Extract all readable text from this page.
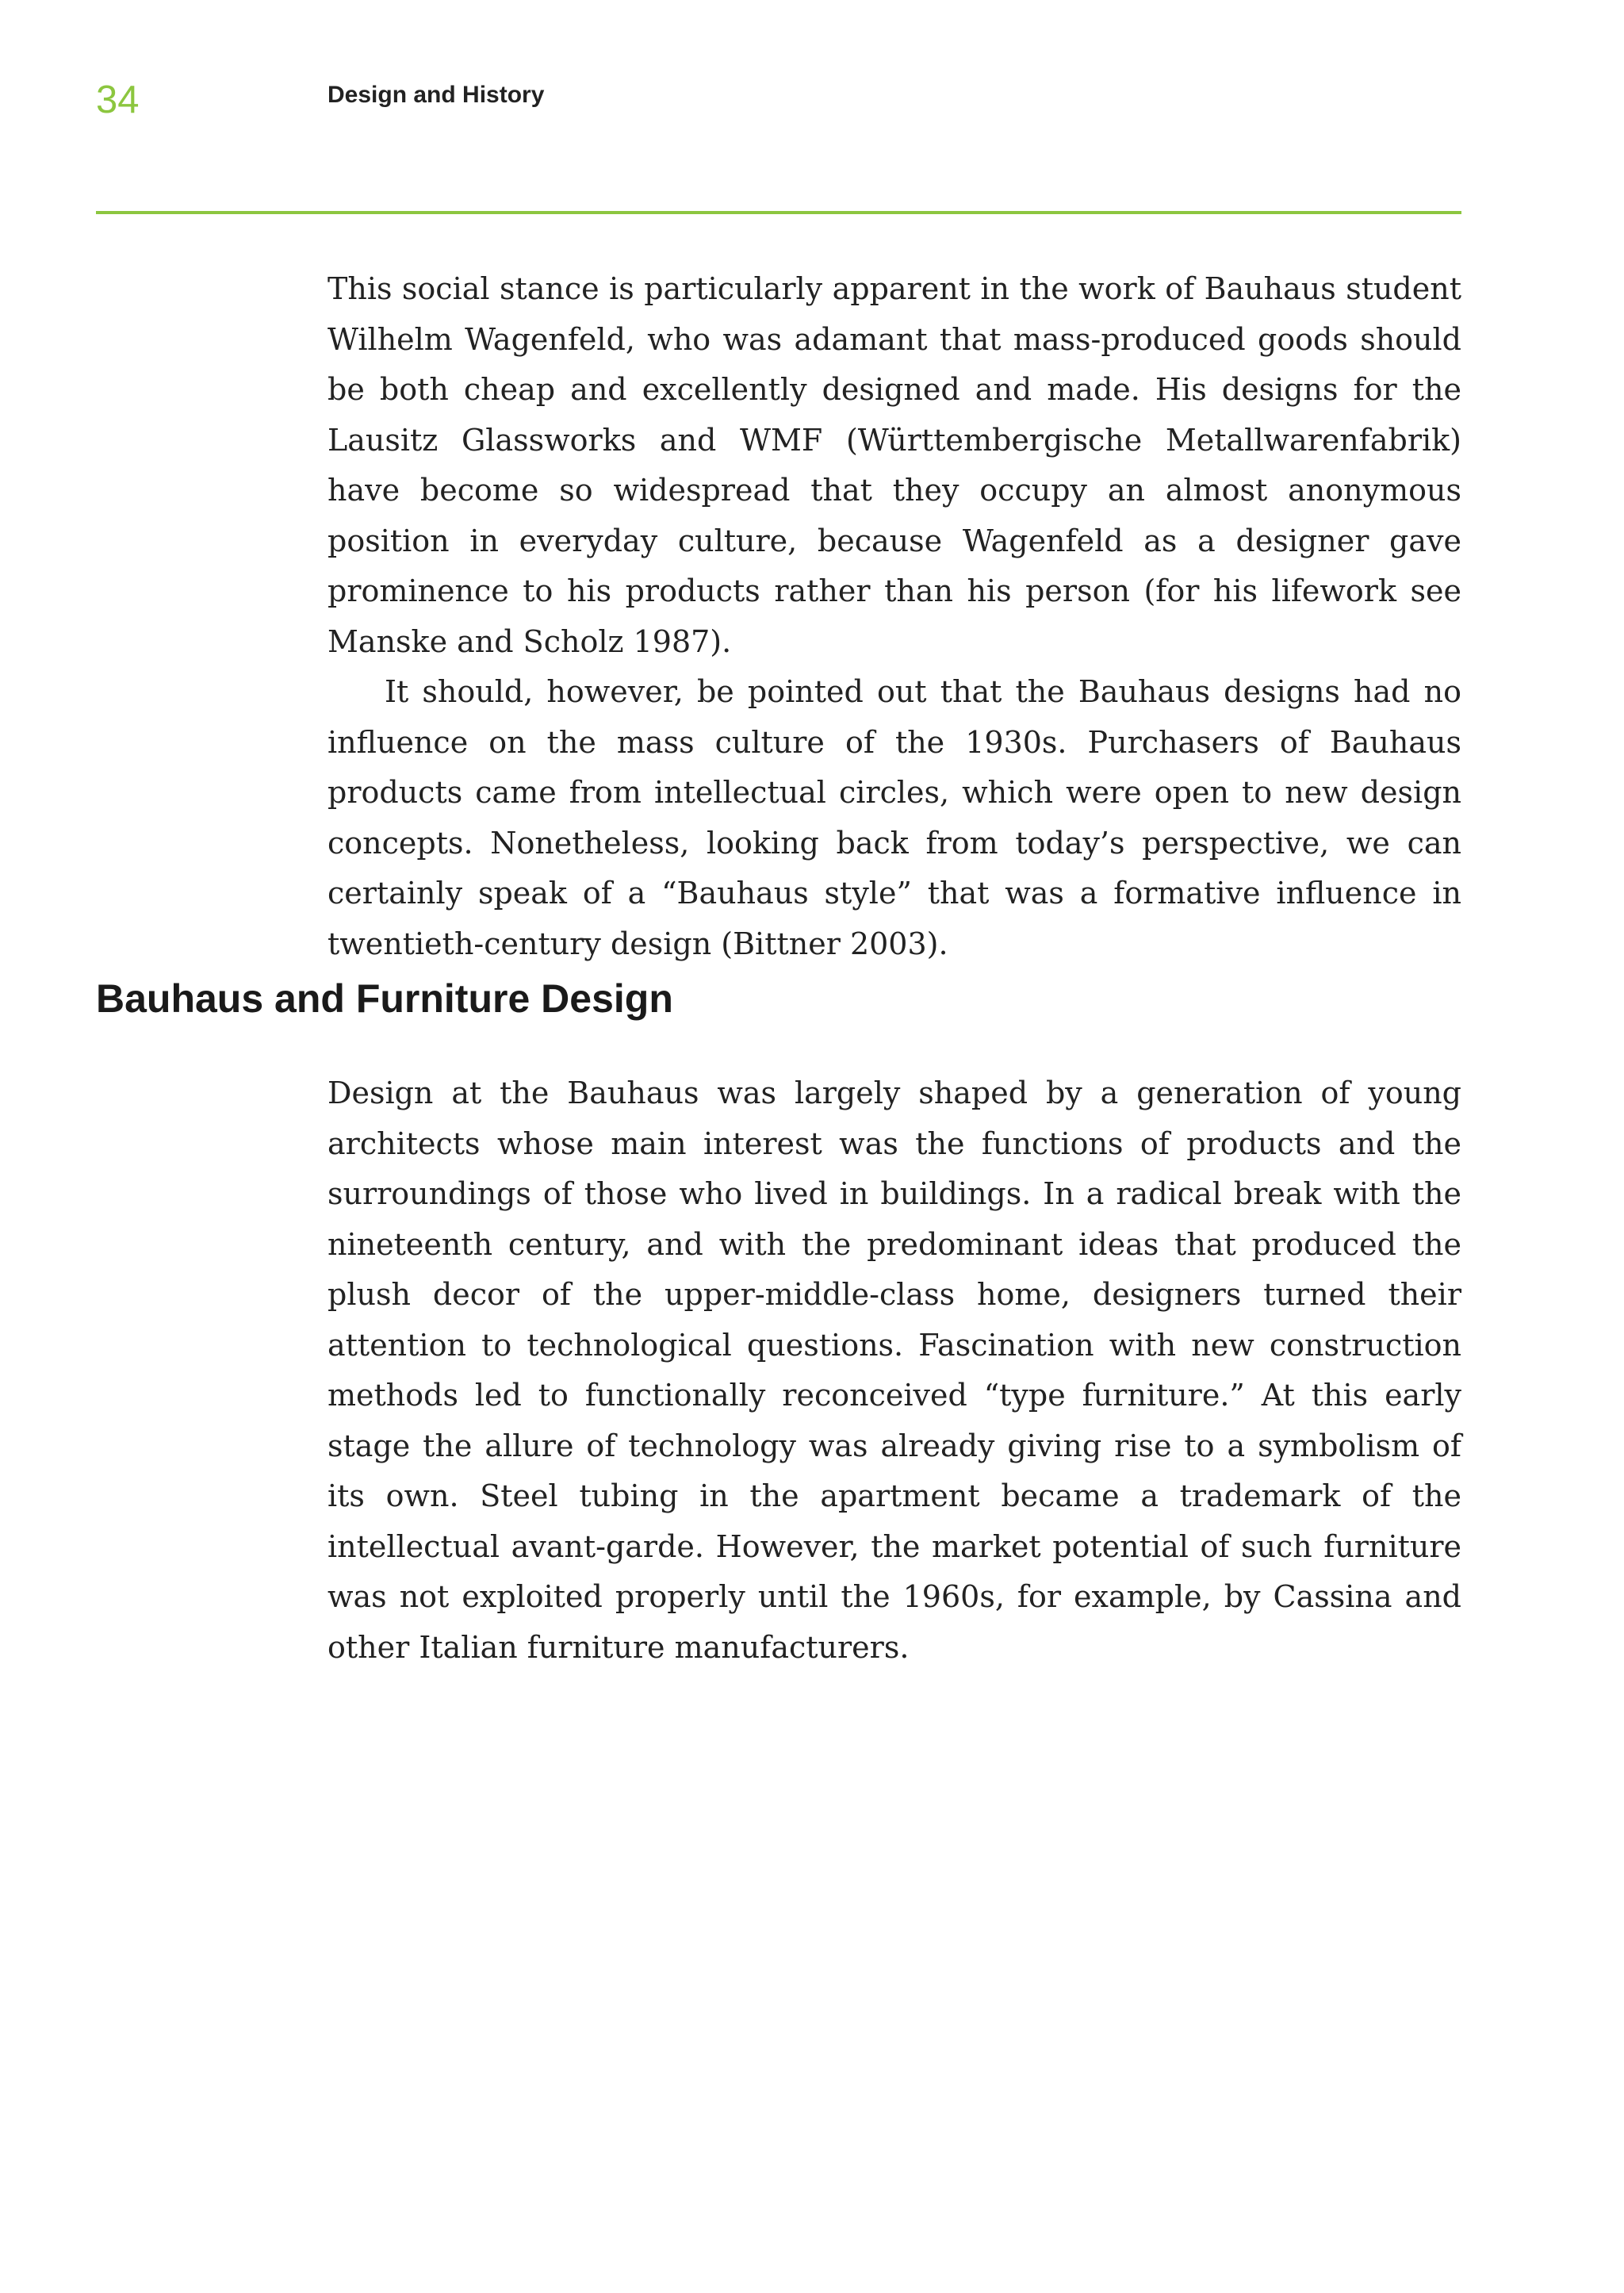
34	Design and History

This social stance is particularly apparent in the work of Bauhaus student Wilhelm Wagenfeld, who was adamant that mass-produced goods should be both cheap and excellently designed and made. His designs for the Lausitz Glassworks and WMF (Württembergische Metallwarenfabrik) have become so widespread that they occupy an almost anonymous position in everyday culture, because Wagenfeld as a designer gave prominence to his products rather than his person (for his lifework see Manske and Scholz 1987).

It should, however, be pointed out that the Bauhaus designs had no influence on the mass culture of the 1930s. Purchasers of Bauhaus products came from intellectual circles, which were open to new design concepts. Nonetheless, looking back from today’s perspective, we can certainly speak of a “Bauhaus style” that was a formative influence in twentieth-century design (Bittner 2003).

Bauhaus and Furniture Design

Design at the Bauhaus was largely shaped by a generation of young architects whose main interest was the functions of products and the surroundings of those who lived in buildings. In a radical break with the nineteenth century, and with the predominant ideas that produced the plush decor of the upper-middle-class home, designers turned their attention to technological questions. Fascination with new construction methods led to functionally reconceived “type furniture.” At this early stage the allure of technology was already giving rise to a symbolism of its own. Steel tubing in the apartment became a trademark of the intellectual avant-garde. However, the market potential of such furniture was not exploited properly until the 1960s, for example, by Cassina and other Italian furniture manufacturers.
